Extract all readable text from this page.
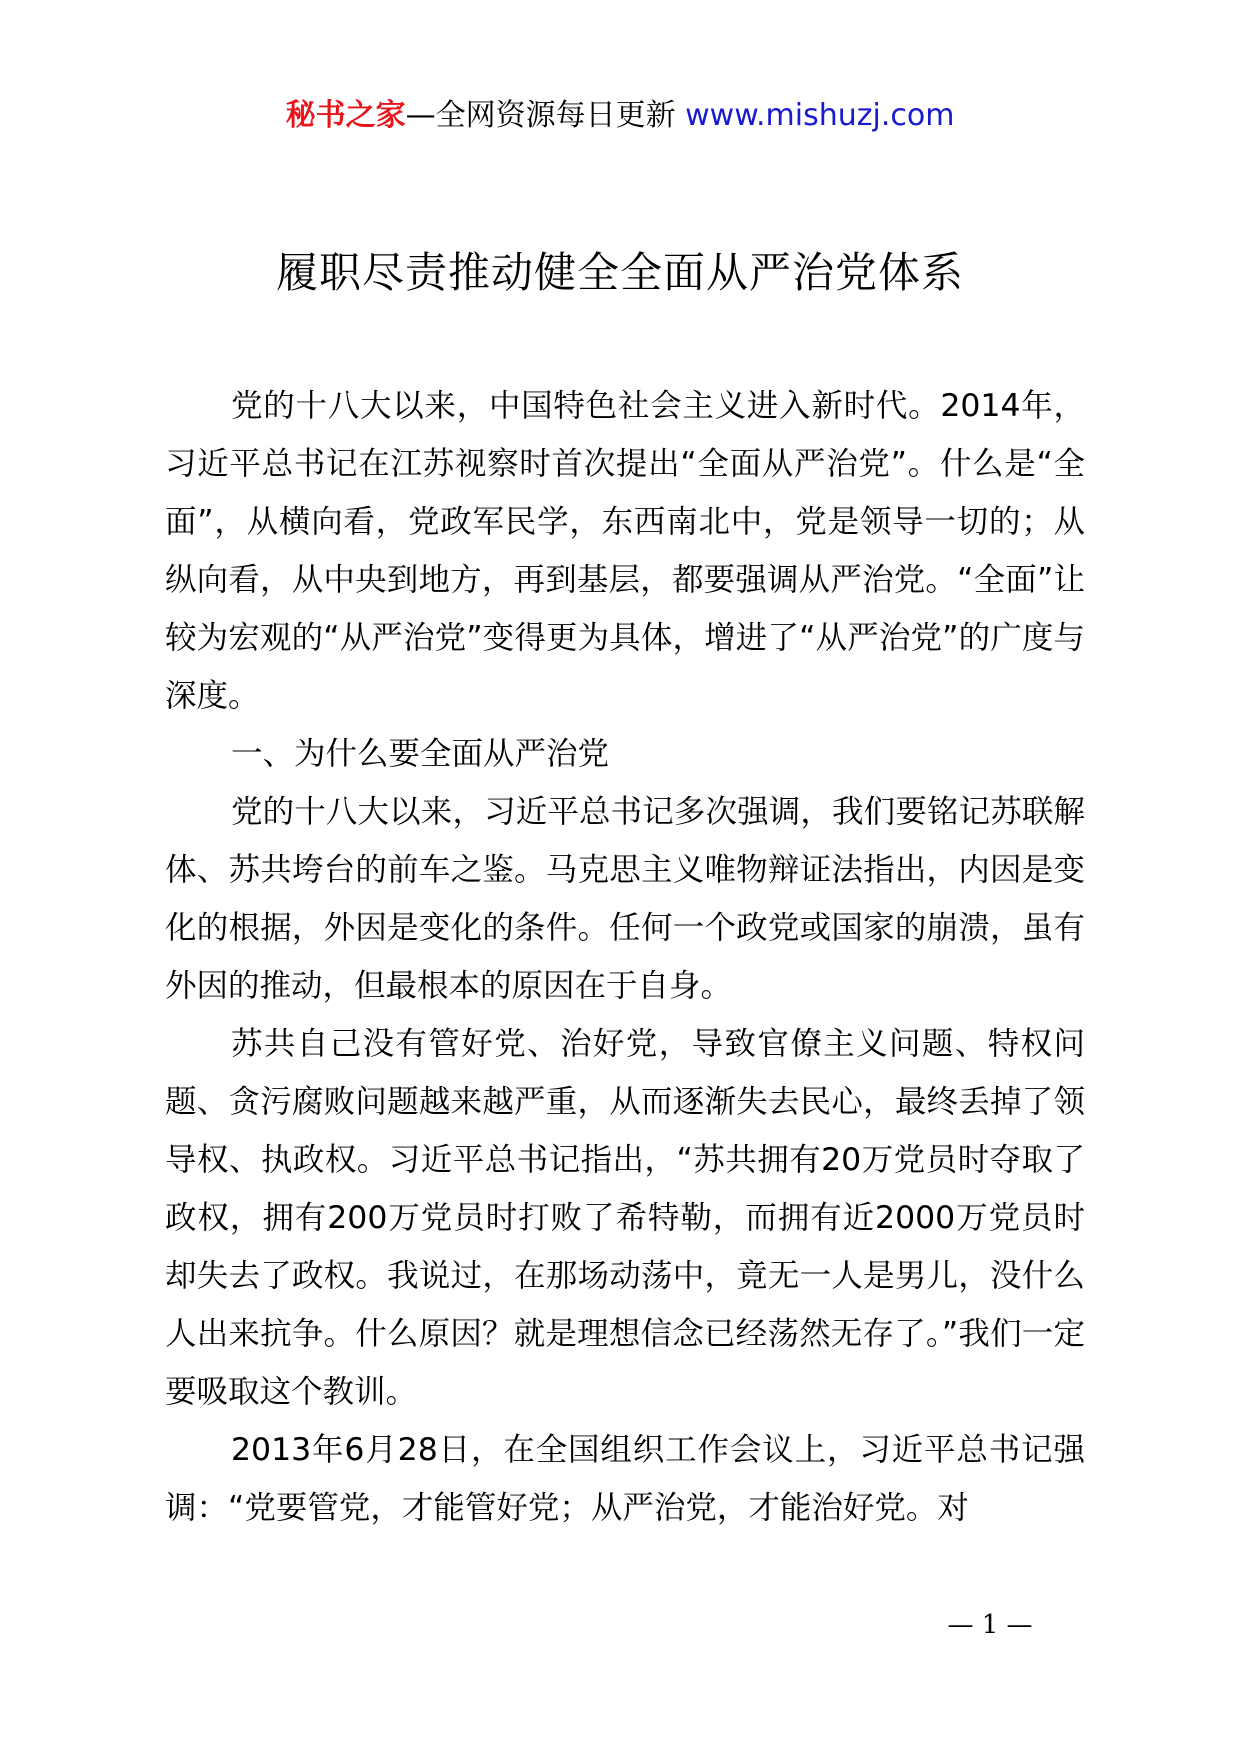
秘书之家—全网资源每日更新 www.mishuzj.com
履职尽责推动健全全面从严治党体系

党的十八大以来，中国特色社会主义进入新时代。2014年，习近平总书记在江苏视察时首次提出“全面从严治党”。什么是“全面”，从横向看，党政军民学，东西南北中，党是领导一切的；从纵向看，从中央到地方，再到基层，都要强调从严治党。“全面”让较为宏观的“从严治党”变得更为具体，增进了“从严治党”的广度与深度。

一、为什么要全面从严治党

党的十八大以来，习近平总书记多次强调，我们要铭记苏联解体、苏共垮台的前车之鉴。马克思主义唯物辩证法指出，内因是变化的根据，外因是变化的条件。任何一个政党或国家的崩溃，虽有外因的推动，但最根本的原因在于自身。

苏共自己没有管好党、治好党，导致官僚主义问题、特权问题、贪污腐败问题越来越严重，从而逐渐失去民心，最终丢掉了领导权、执政权。习近平总书记指出，“苏共拥有20万党员时夺取了政权，拥有200万党员时打败了希特勒，而拥有近2000万党员时却失去了政权。我说过，在那场动荡中，竟无一人是男儿，没什么人出来抗争。什么原因？就是理想信念已经荡然无存了。”我们一定要吸取这个教训。

2013年6月28日，在全国组织工作会议上，习近平总书记强调：“党要管党，才能管好党；从严治党，才能治好党。对

— 1 —
